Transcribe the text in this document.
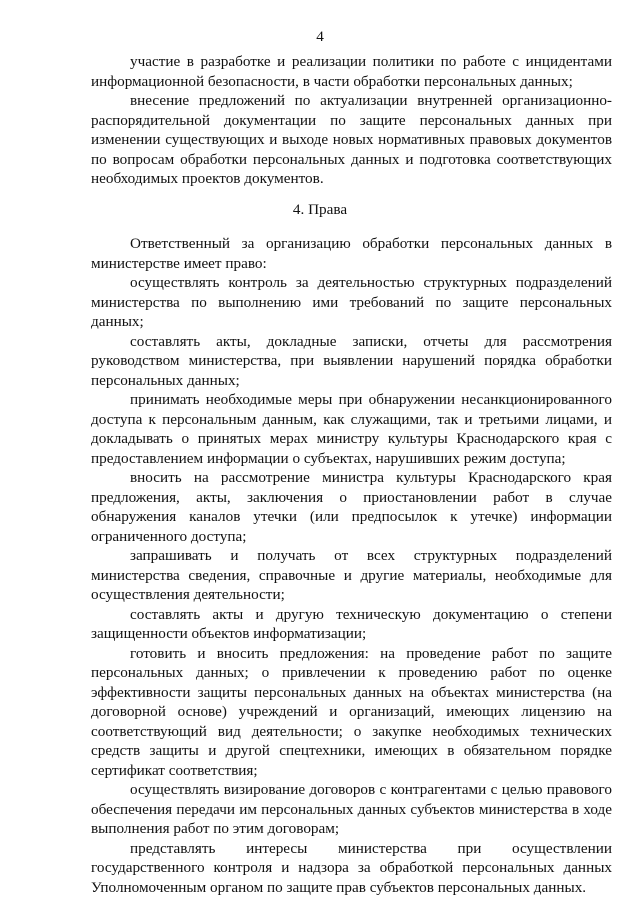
4

участие в разработке и реализации политики по работе с инцидентами информационной безопасности, в части обработки персональных данных;

внесение предложений по актуализации внутренней организационно-распорядительной документации по защите персональных данных при изменении существующих и выходе новых нормативных правовых документов по вопросам обработки персональных данных и подготовка соответствующих необходимых проектов документов.

4. Права

Ответственный за организацию обработки персональных данных в министерстве имеет право:

осуществлять контроль за деятельностью структурных подразделений министерства по выполнению ими требований по защите персональных данных;

составлять акты, докладные записки, отчеты для рассмотрения руководством министерства, при выявлении нарушений порядка обработки персональных данных;

принимать необходимые меры при обнаружении несанкционированного доступа к персональным данным, как служащими, так и третьими лицами, и докладывать о принятых мерах министру культуры Краснодарского края с предоставлением информации о субъектах, нарушивших режим доступа;

вносить на рассмотрение министра культуры Краснодарского края предложения, акты, заключения о приостановлении работ в случае обнаружения каналов утечки (или предпосылок к утечке) информации ограниченного доступа;

запрашивать и получать от всех структурных подразделений министерства сведения, справочные и другие материалы, необходимые для осуществления деятельности;

составлять акты и другую техническую документацию о степени защищенности объектов информатизации;

готовить и вносить предложения: на проведение работ по защите персональных данных; о привлечении к проведению работ по оценке эффективности защиты персональных данных на объектах министерства (на договорной основе) учреждений и организаций, имеющих лицензию на соответствующий вид деятельности; о закупке необходимых технических средств защиты и другой спецтехники, имеющих в обязательном порядке сертификат соответствия;

осуществлять визирование договоров с контрагентами с целью правового обеспечения передачи им персональных данных субъектов министерства в ходе выполнения работ по этим договорам;

представлять интересы министерства при осуществлении государственного контроля и надзора за обработкой персональных данных Уполномоченным органом по защите прав субъектов персональных данных.
